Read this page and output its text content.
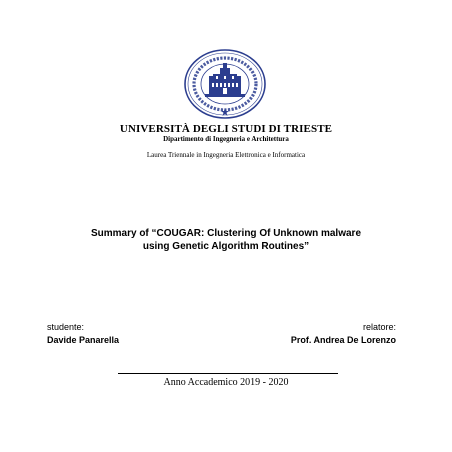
UNIVERSITÀ DEGLI STUDI DI TRIESTE
Dipartimento di Ingegneria e Architettura
Laurea Triennale in Ingegneria Elettronica e Informatica
Summary of “COUGAR: Clustering Of Unknown malware
using Genetic Algorithm Routines”
studente:
Davide Panarella
relatore:
Prof. Andrea De Lorenzo
Anno Accademico 2019 - 2020
